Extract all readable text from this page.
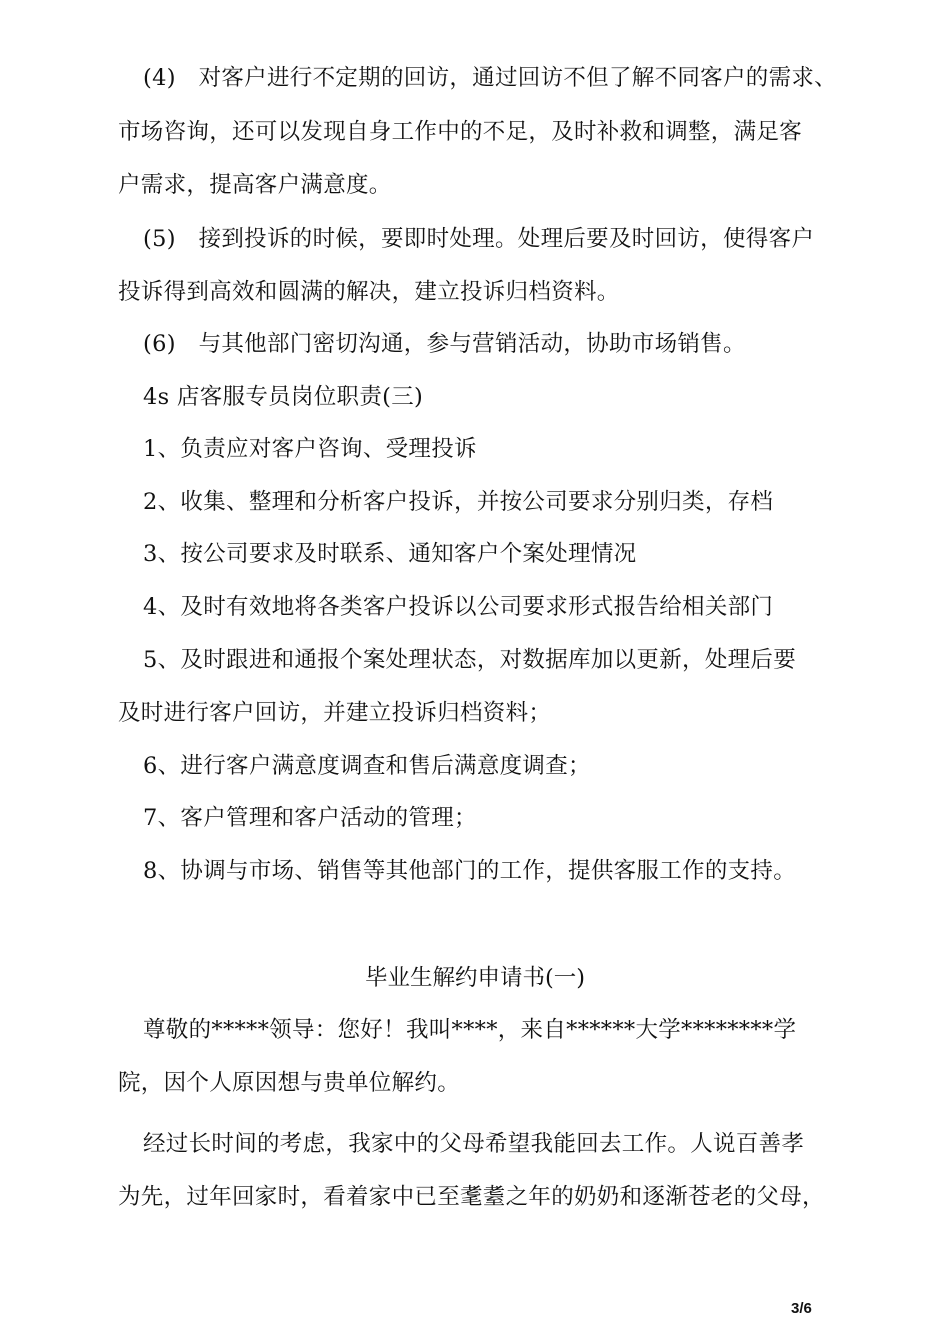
(4)　对客户进行不定期的回访，通过回访不但了解不同客户的需求、
市场咨询，还可以发现自身工作中的不足，及时补救和调整，满足客
户需求，提高客户满意度。
(5)　接到投诉的时候，要即时处理。处理后要及时回访，使得客户
投诉得到高效和圆满的解决，建立投诉归档资料。
(6)　与其他部门密切沟通，参与营销活动，协助市场销售。
4s 店客服专员岗位职责(三)
1、负责应对客户咨询、受理投诉
2、收集、整理和分析客户投诉，并按公司要求分别归类，存档
3、按公司要求及时联系、通知客户个案处理情况
4、及时有效地将各类客户投诉以公司要求形式报告给相关部门
5、及时跟进和通报个案处理状态，对数据库加以更新，处理后要
及时进行客户回访，并建立投诉归档资料；
6、进行客户满意度调查和售后满意度调查；
7、客户管理和客户活动的管理；
8、协调与市场、销售等其他部门的工作，提供客服工作的支持。
毕业生解约申请书(一)
尊敬的*****领导：您好！我叫****，来自******大学********学
院，因个人原因想与贵单位解约。
经过长时间的考虑，我家中的父母希望我能回去工作。人说百善孝
为先，过年回家时，看着家中已至耄耋之年的奶奶和逐渐苍老的父母，
3/6
